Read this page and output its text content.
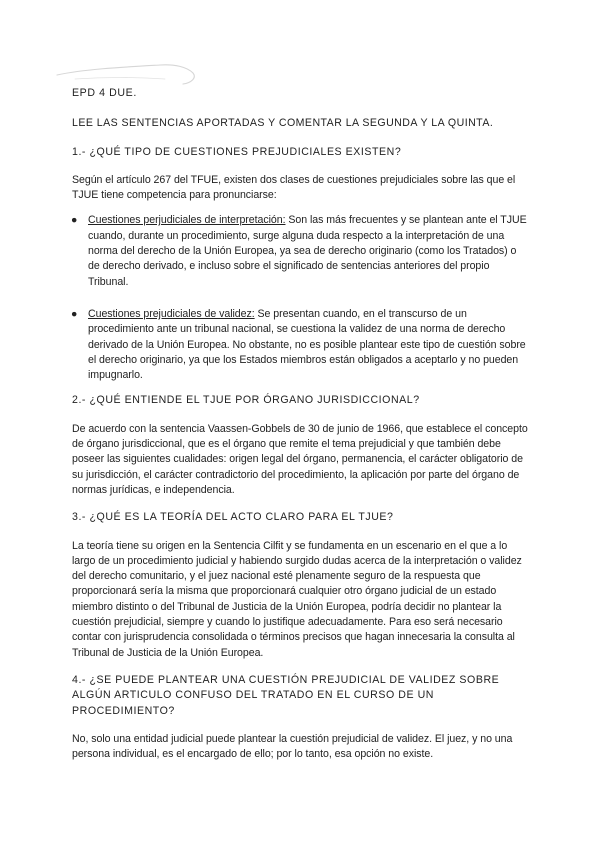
EPD 4 DUE.

LEE LAS SENTENCIAS APORTADAS Y COMENTAR LA SEGUNDA Y LA QUINTA.

1.- ¿QUÉ TIPO DE CUESTIONES PREJUDICIALES EXISTEN?

Según el artículo 267 del TFUE, existen dos clases de cuestiones prejudiciales sobre las que el TJUE tiene competencia para pronunciarse:

● Cuestiones perjudiciales de interpretación: Son las más frecuentes y se plantean ante el TJUE cuando, durante un procedimiento, surge alguna duda respecto a la interpretación de una norma del derecho de la Unión Europea, ya sea de derecho originario (como los Tratados) o de derecho derivado, e incluso sobre el significado de sentencias anteriores del propio Tribunal.
● Cuestiones prejudiciales de validez: Se presentan cuando, en el transcurso de un procedimiento ante un tribunal nacional, se cuestiona la validez de una norma de derecho derivado de la Unión Europea. No obstante, no es posible plantear este tipo de cuestión sobre el derecho originario, ya que los Estados miembros están obligados a aceptarlo y no pueden impugnarlo.

2.- ¿QUÉ ENTIENDE EL TJUE POR ÓRGANO JURISDICCIONAL?

De acuerdo con la sentencia Vaassen-Gobbels de 30 de junio de 1966, que establece el concepto de órgano jurisdiccional, que es el órgano que remite el tema prejudicial y que también debe poseer las siguientes cualidades: origen legal del órgano, permanencia, el carácter obligatorio de su jurisdicción, el carácter contradictorio del procedimiento, la aplicación por parte del órgano de normas jurídicas, e independencia.

3.- ¿QUÉ ES LA TEORÍA DEL ACTO CLARO PARA EL TJUE?

La teoría tiene su origen en la Sentencia Cilfit y se fundamenta en un escenario en el que a lo largo de un procedimiento judicial y habiendo surgido dudas acerca de la interpretación o validez del derecho comunitario, y el juez nacional esté plenamente seguro de la respuesta que proporcionará sería la misma que proporcionará cualquier otro órgano judicial de un estado miembro distinto o del Tribunal de Justicia de la Unión Europea, podría decidir no plantear la cuestión prejudicial, siempre y cuando lo justifique adecuadamente. Para eso será necesario contar con jurisprudencia consolidada o términos precisos que hagan innecesaria la consulta al Tribunal de Justicia de la Unión Europea.

4.- ¿SE PUEDE PLANTEAR UNA CUESTIÓN PREJUDICIAL DE VALIDEZ SOBRE ALGÚN ARTICULO CONFUSO DEL TRATADO EN EL CURSO DE UN PROCEDIMIENTO?

No, solo una entidad judicial puede plantear la cuestión prejudicial de validez. El juez, y no una persona individual, es el encargado de ello; por lo tanto, esa opción no existe.
